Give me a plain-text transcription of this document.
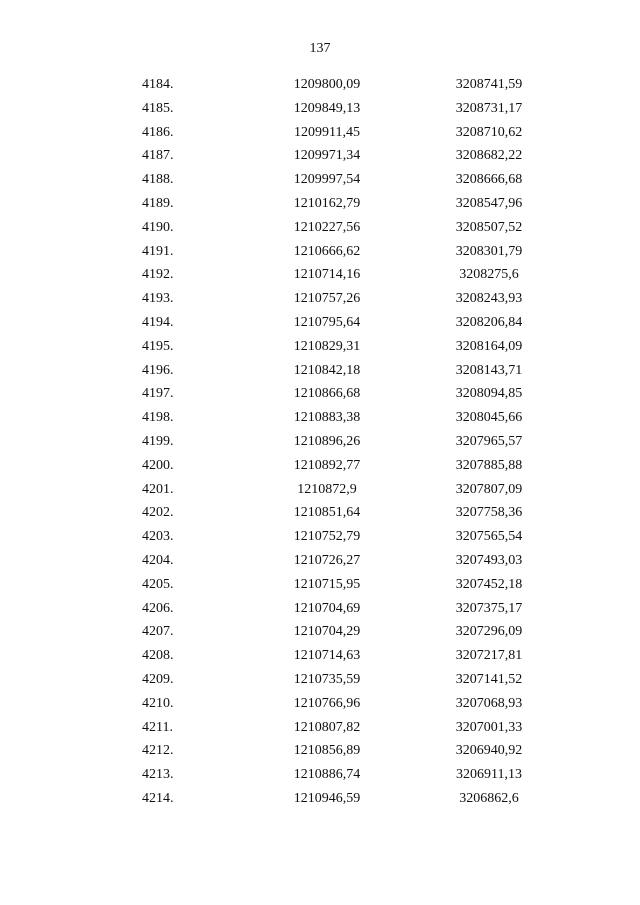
137
4184.	1209800,09	3208741,59
4185.	1209849,13	3208731,17
4186.	1209911,45	3208710,62
4187.	1209971,34	3208682,22
4188.	1209997,54	3208666,68
4189.	1210162,79	3208547,96
4190.	1210227,56	3208507,52
4191.	1210666,62	3208301,79
4192.	1210714,16	3208275,6
4193.	1210757,26	3208243,93
4194.	1210795,64	3208206,84
4195.	1210829,31	3208164,09
4196.	1210842,18	3208143,71
4197.	1210866,68	3208094,85
4198.	1210883,38	3208045,66
4199.	1210896,26	3207965,57
4200.	1210892,77	3207885,88
4201.	1210872,9	3207807,09
4202.	1210851,64	3207758,36
4203.	1210752,79	3207565,54
4204.	1210726,27	3207493,03
4205.	1210715,95	3207452,18
4206.	1210704,69	3207375,17
4207.	1210704,29	3207296,09
4208.	1210714,63	3207217,81
4209.	1210735,59	3207141,52
4210.	1210766,96	3207068,93
4211.	1210807,82	3207001,33
4212.	1210856,89	3206940,92
4213.	1210886,74	3206911,13
4214.	1210946,59	3206862,6
